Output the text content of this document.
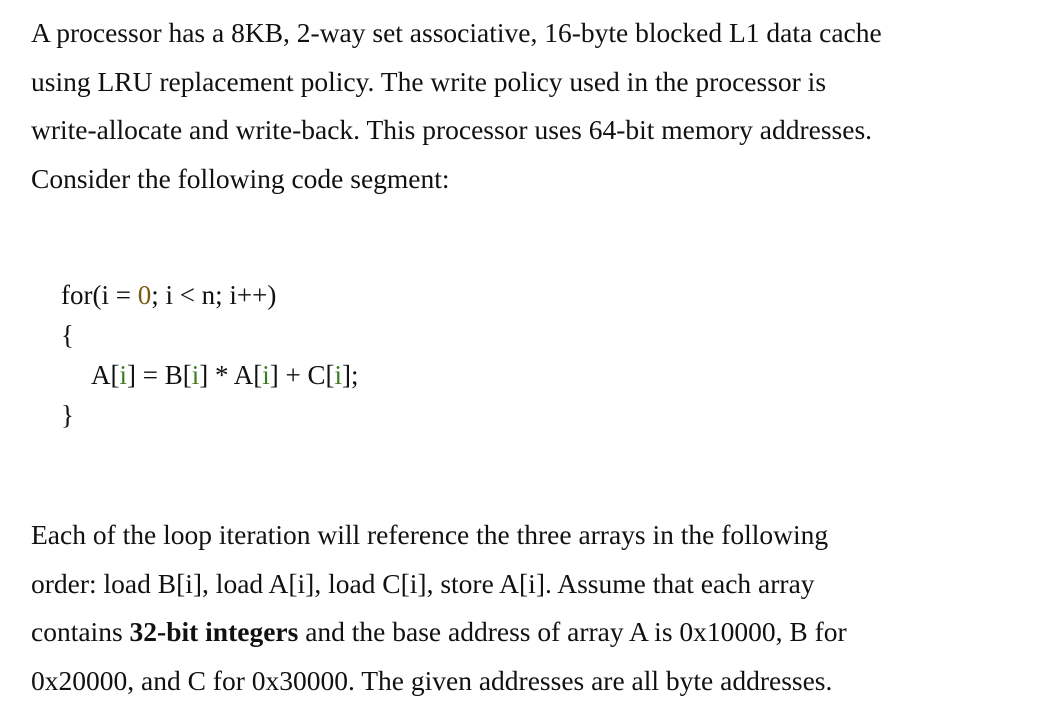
A processor has a 8KB, 2-way set associative, 16-byte blocked L1 data cache
using LRU replacement policy. The write policy used in the processor is
write-allocate and write-back. This processor uses 64-bit memory addresses.
Consider the following code segment:
for(i = 0; i < n; i++)
{
A[i] = B[i] * A[i] + C[i];
}
Each of the loop iteration will reference the three arrays in the following
order: load B[i], load A[i], load C[i], store A[i]. Assume that each array
contains 32-bit integers and the base address of array A is 0x10000, B for
0x20000, and C for 0x30000. The given addresses are all byte addresses.
